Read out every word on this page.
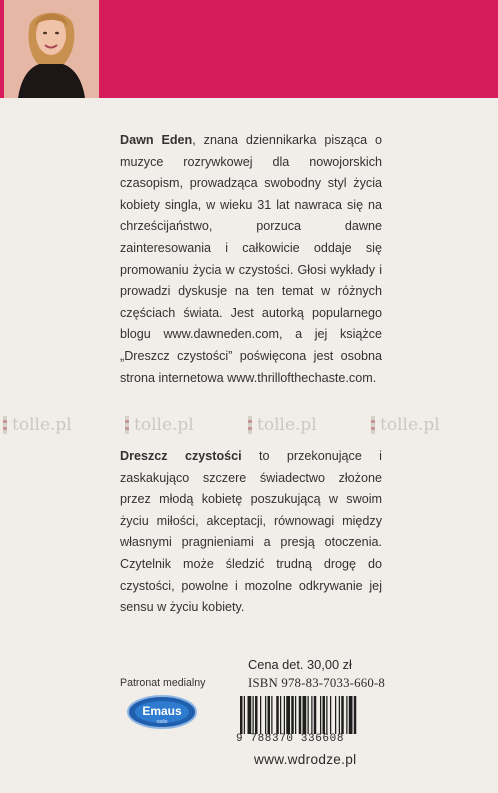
Dawn Eden, znana dziennikarka pisząca o muzyce rozrywkowej dla nowojorskich czasopism, prowadząca swobodny styl życia kobiety singla, w wieku 31 lat nawraca się na chrześcijaństwo, porzuca dawne zainteresowania i całkowicie oddaje się promowaniu życia w czystości. Głosi wykłady i prowadzi dyskusje na ten temat w różnych częściach świata. Jest autorką popularnego blogu www.dawneden.com, a jej książce „Dreszcz czystości” poświęcona jest osobna strona internetowa www.thrillofthechaste.com.
tolle.pl	tolle.pl	tolle.pl	tolle.pl
Dreszcz czystości to przekonujące i zaskakująco szczere świadectwo złożone przez młodą kobietę poszukującą w swoim życiu miłości, akceptacji, równowagi między własnymi pragnieniami a presją otoczenia. Czytelnik może śledzić trudną drogę do czystości, powolne i mozolne odkrywanie jej sensu w życiu kobiety.
Cena det. 30,00 zł
ISBN 978-83-7033-660-8
9 788370 336608
Patronat medialny
Emaus
radio
www.wdrodze.pl
